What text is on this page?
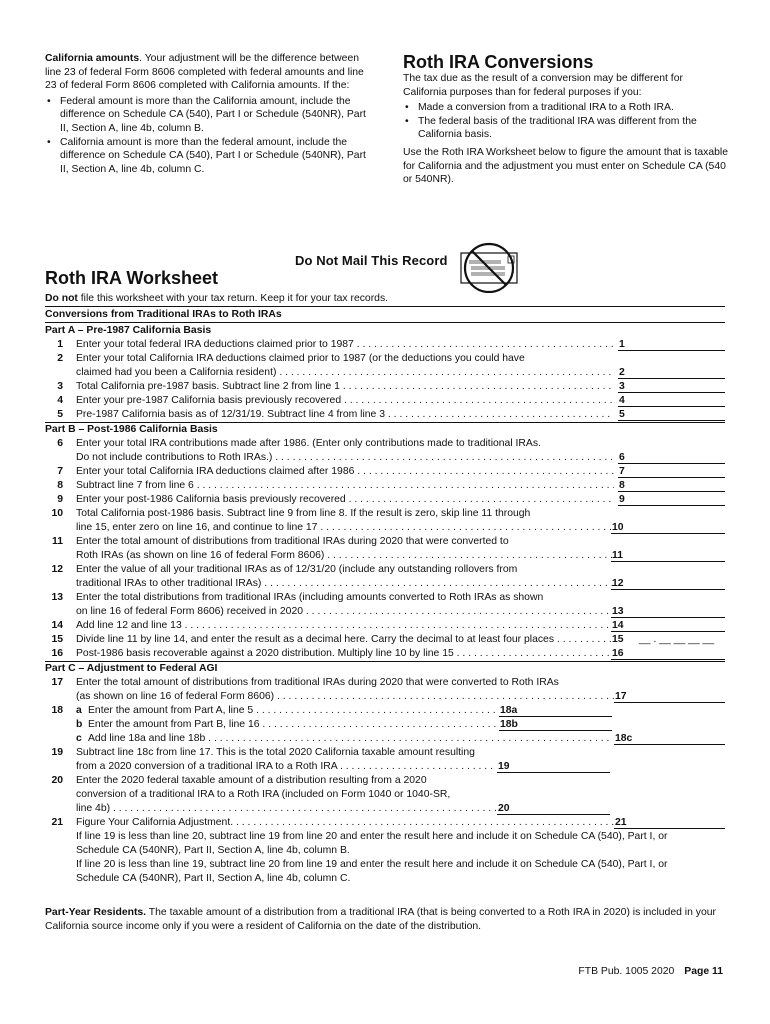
California amounts. Your adjustment will be the difference between line 23 of federal Form 8606 completed with federal amounts and line 23 of federal Form 8606 completed with California amounts. If the:

• Federal amount is more than the California amount, include the difference on Schedule CA (540), Part I or Schedule (540NR), Part II, Section A, line 4b, column B.
• California amount is more than the federal amount, include the difference on Schedule CA (540), Part I or Schedule (540NR), Part II, Section A, line 4b, column C.

Roth IRA Conversions

The tax due as the result of a conversion may be different for California purposes than for federal purposes if you:

• Made a conversion from a traditional IRA to a Roth IRA.
• The federal basis of the traditional IRA was different from the California basis.

Use the Roth IRA Worksheet below to figure the amount that is taxable for California and the adjustment you must enter on Schedule CA (540 or 540NR).

Do Not Mail This Record
Roth IRA Worksheet
Do not file this worksheet with your tax return. Keep it for your tax records.
Conversions from Traditional IRAs to Roth IRAs
Part A – Pre-1987 California Basis
1 Enter your total federal IRA deductions claimed prior to 1987 . . .	1
2 Enter your total California IRA deductions claimed prior to 1987 (or the deductions you could have
claimed had you been a California resident) . . .	2
3 Total California pre-1987 basis. Subtract line 2 from line 1 . . .	3
4 Enter your pre-1987 California basis previously recovered . . .	4
5 Pre-1987 California basis as of 12/31/19. Subtract line 4 from line 3 . . .	5
Part B – Post-1986 California Basis
6 Enter your total IRA contributions made after 1986. (Enter only contributions made to traditional IRAs.
Do not include contributions to Roth IRAs.) . . .	6
7 Enter your total California IRA deductions claimed after 1986 . . .	7
8 Subtract line 7 from line 6 . . .	8
9 Enter your post-1986 California basis previously recovered . . .	9
10 Total California post-1986 basis. Subtract line 9 from line 8. If the result is zero, skip line 11 through
line 15, enter zero on line 16, and continue to line 17 . . .	10
11 Enter the total amount of distributions from traditional IRAs during 2020 that were converted to
Roth IRAs (as shown on line 16 of federal Form 8606) . . .	11
12 Enter the value of all your traditional IRAs as of 12/31/20 (include any outstanding rollovers from
traditional IRAs to other traditional IRAs) . . .	12
13 Enter the total distributions from traditional IRAs (including amounts converted to Roth IRAs as shown
on line 16 of federal Form 8606) received in 2020 . . .	13
14 Add line 12 and line 13 . . .	14
15 Divide line 11 by line 14, and enter the result as a decimal here. Carry the decimal to at least four places . . .	15	__ . __ __ __ __
16 Post-1986 basis recoverable against a 2020 distribution. Multiply line 10 by line 15 . . .	16
Part C – Adjustment to Federal AGI
17 Enter the total amount of distributions from traditional IRAs during 2020 that were converted to Roth IRAs
(as shown on line 16 of federal Form 8606) . . .	17
18 a Enter the amount from Part A, line 5 . . .	18a
b Enter the amount from Part B, line 16 . . .	18b
c Add line 18a and line 18b . . .	18c
19 Subtract line 18c from line 17. This is the total 2020 California taxable amount resulting
from a 2020 conversion of a traditional IRA to a Roth IRA . . .	19
20 Enter the 2020 federal taxable amount of a distribution resulting from a 2020
conversion of a traditional IRA to a Roth IRA (included on Form 1040 or 1040-SR,
line 4b) . . .	20
21 Figure Your California Adjustment. . . .	21
If line 19 is less than line 20, subtract line 19 from line 20 and enter the result here and include it on Schedule CA (540), Part I, or
Schedule CA (540NR), Part II, Section A, line 4b, column B.
If line 20 is less than line 19, subtract line 20 from line 19 and enter the result here and include it on Schedule CA (540), Part I, or
Schedule CA (540NR), Part II, Section A, line 4b, column C.
Part-Year Residents. The taxable amount of a distribution from a traditional IRA (that is being converted to a Roth IRA in 2020) is included in your California source income only if you were a resident of California on the date of the distribution.
FTB Pub. 1005 2020 Page 11
